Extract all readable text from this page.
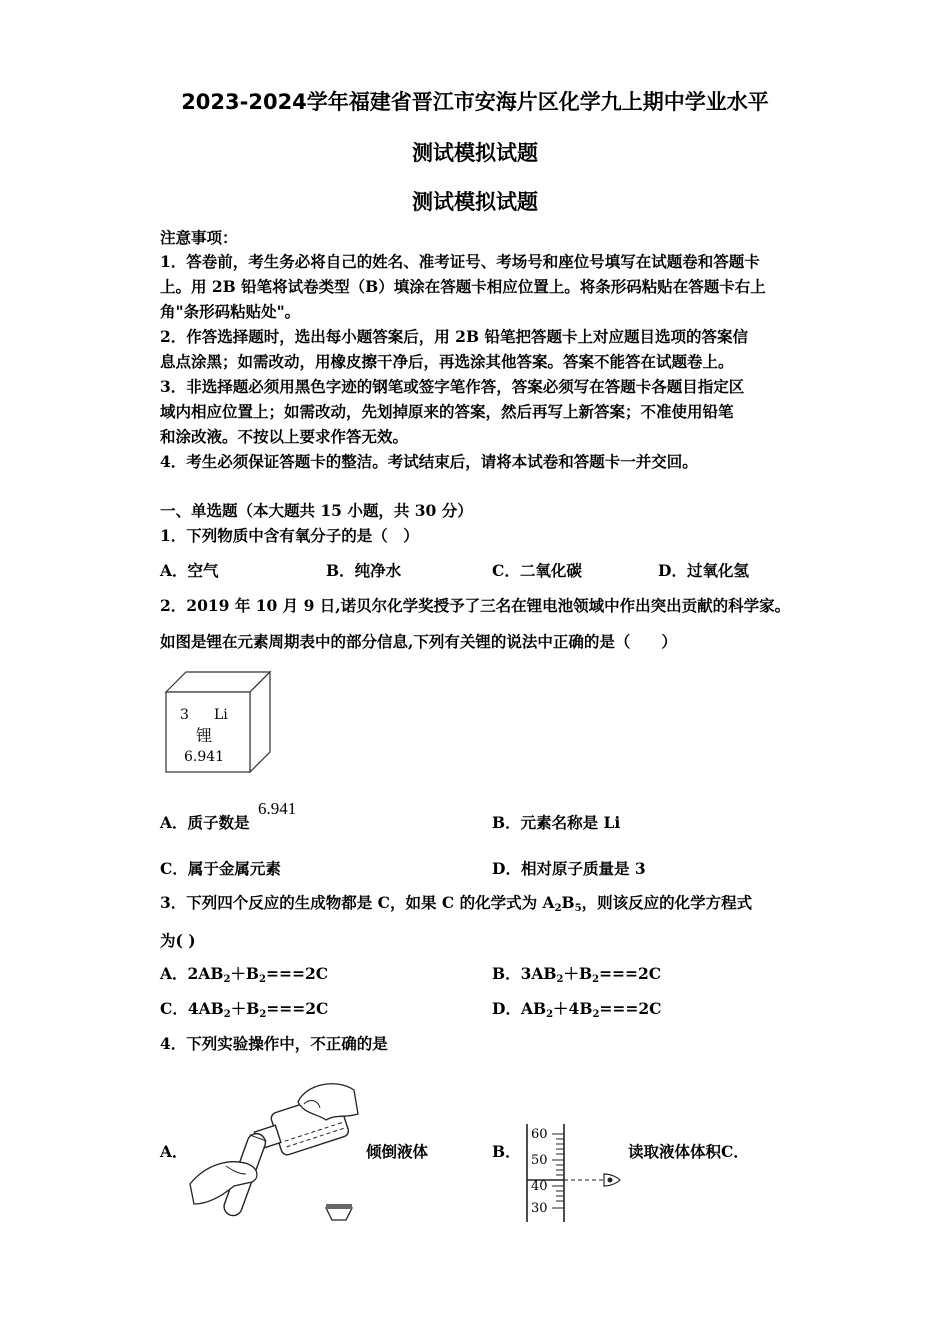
2023-2024学年福建省晋江市安海片区化学九上期中学业水平
测试模拟试题
测试模拟试题
注意事项：
1．答卷前，考生务必将自己的姓名、准考证号、考场号和座位号填写在试题卷和答题卡
上。用 2B 铅笔将试卷类型（B）填涂在答题卡相应位置上。将条形码粘贴在答题卡右上
角"条形码粘贴处"。
2．作答选择题时，选出每小题答案后，用 2B 铅笔把答题卡上对应题目选项的答案信
息点涂黑；如需改动，用橡皮擦干净后，再选涂其他答案。答案不能答在试题卷上。
3．非选择题必须用黑色字迹的钢笔或签字笔作答，答案必须写在答题卡各题目指定区
域内相应位置上；如需改动，先划掉原来的答案，然后再写上新答案；不准使用铅笔
和涂改液。不按以上要求作答无效。
4．考生必须保证答题卡的整洁。考试结束后，请将本试卷和答题卡一并交回。
一、单选题（本大题共 15 小题，共 30 分）
1．下列物质中含有氧分子的是（　）
A．空气	B．纯净水	C．二氧化碳	D．过氧化氢
2．2019 年 10 月 9 日,诺贝尔化学奖授予了三名在锂电池领域中作出突出贡献的科学家。
如图是锂在元素周期表中的部分信息,下列有关锂的说法中正确的是（　　）
3 Li
锂
6.941
A．质子数是
6.941
B．元素名称是 Li
C．属于金属元素	D．相对原子质量是 3
3．下列四个反应的生成物都是 C，如果 C 的化学式为 $A_2B_5$，则该反应的化学方程式
为( )
A．$2AB_2+B_2===2C$	B．$3AB_2+B_2===2C$
C．$4AB_2+B_2===2C$	D．$AB_2+4B_2===2C$
4．下列实验操作中，不正确的是
A．	倾倒液体	B．
60
50
40
30
读取液体体积C．
